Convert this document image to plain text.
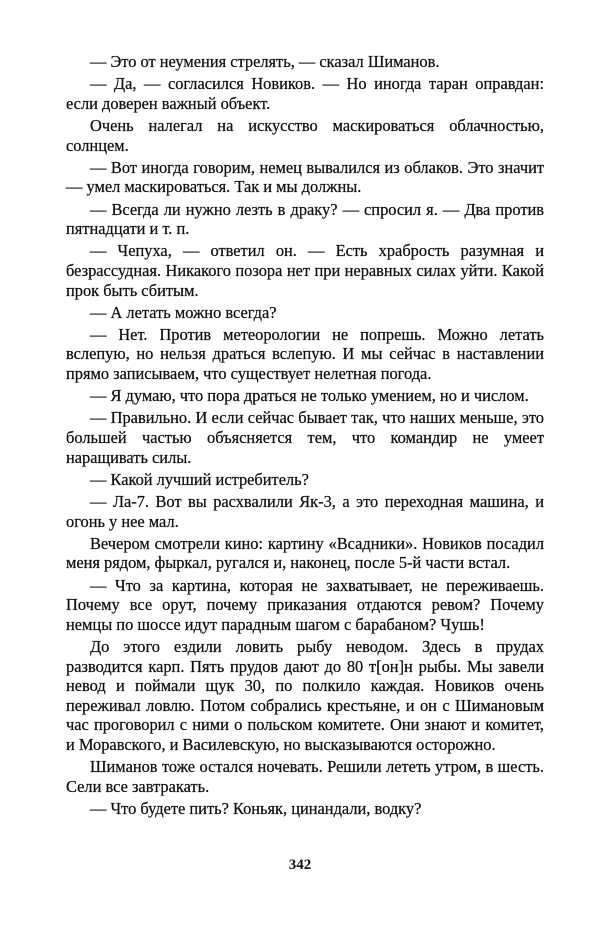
— Это от неумения стрелять, — сказал Шиманов.

— Да, — согласился Новиков. — Но иногда таран оправдан: если доверен важный объект.

Очень налегал на искусство маскироваться облачностью, солнцем.

— Вот иногда говорим, немец вывалился из облаков. Это значит — умел маскироваться. Так и мы должны.

— Всегда ли нужно лезть в драку? — спросил я. — Два против пятнадцати и т. п.

— Чепуха, — ответил он. — Есть храбрость разумная и безрассудная. Никакого позора нет при неравных силах уйти. Какой прок быть сбитым.

— А летать можно всегда?

— Нет. Против метеорологии не попрешь. Можно летать вслепую, но нельзя драться вслепую. И мы сейчас в наставлении прямо записываем, что существует нелетная погода.

— Я думаю, что пора драться не только умением, но и числом.

— Правильно. И если сейчас бывает так, что наших меньше, это большей частью объясняется тем, что командир не умеет наращивать силы.

— Какой лучший истребитель?

— Ла-7. Вот вы расхвалили Як-3, а это переходная машина, и огонь у нее мал.

Вечером смотрели кино: картину «Всадники». Новиков посадил меня рядом, фыркал, ругался и, наконец, после 5-й части встал.

— Что за картина, которая не захватывает, не переживаешь. Почему все орут, почему приказания отдаются ревом? Почему немцы по шоссе идут парадным шагом с барабаном? Чушь!

До этого ездили ловить рыбу неводом. Здесь в прудах разводится карп. Пять прудов дают до 80 т[он]н рыбы. Мы завели невод и поймали щук 30, по полкило каждая. Новиков очень переживал ловлю. Потом собрались крестьяне, и он с Шимановым час проговорил с ними о польском комитете. Они знают и комитет, и Моравского, и Василевскую, но высказываются осторожно.

Шиманов тоже остался ночевать. Решили лететь утром, в шесть. Сели все завтракать.

— Что будете пить? Коньяк, цинандали, водку?

342
